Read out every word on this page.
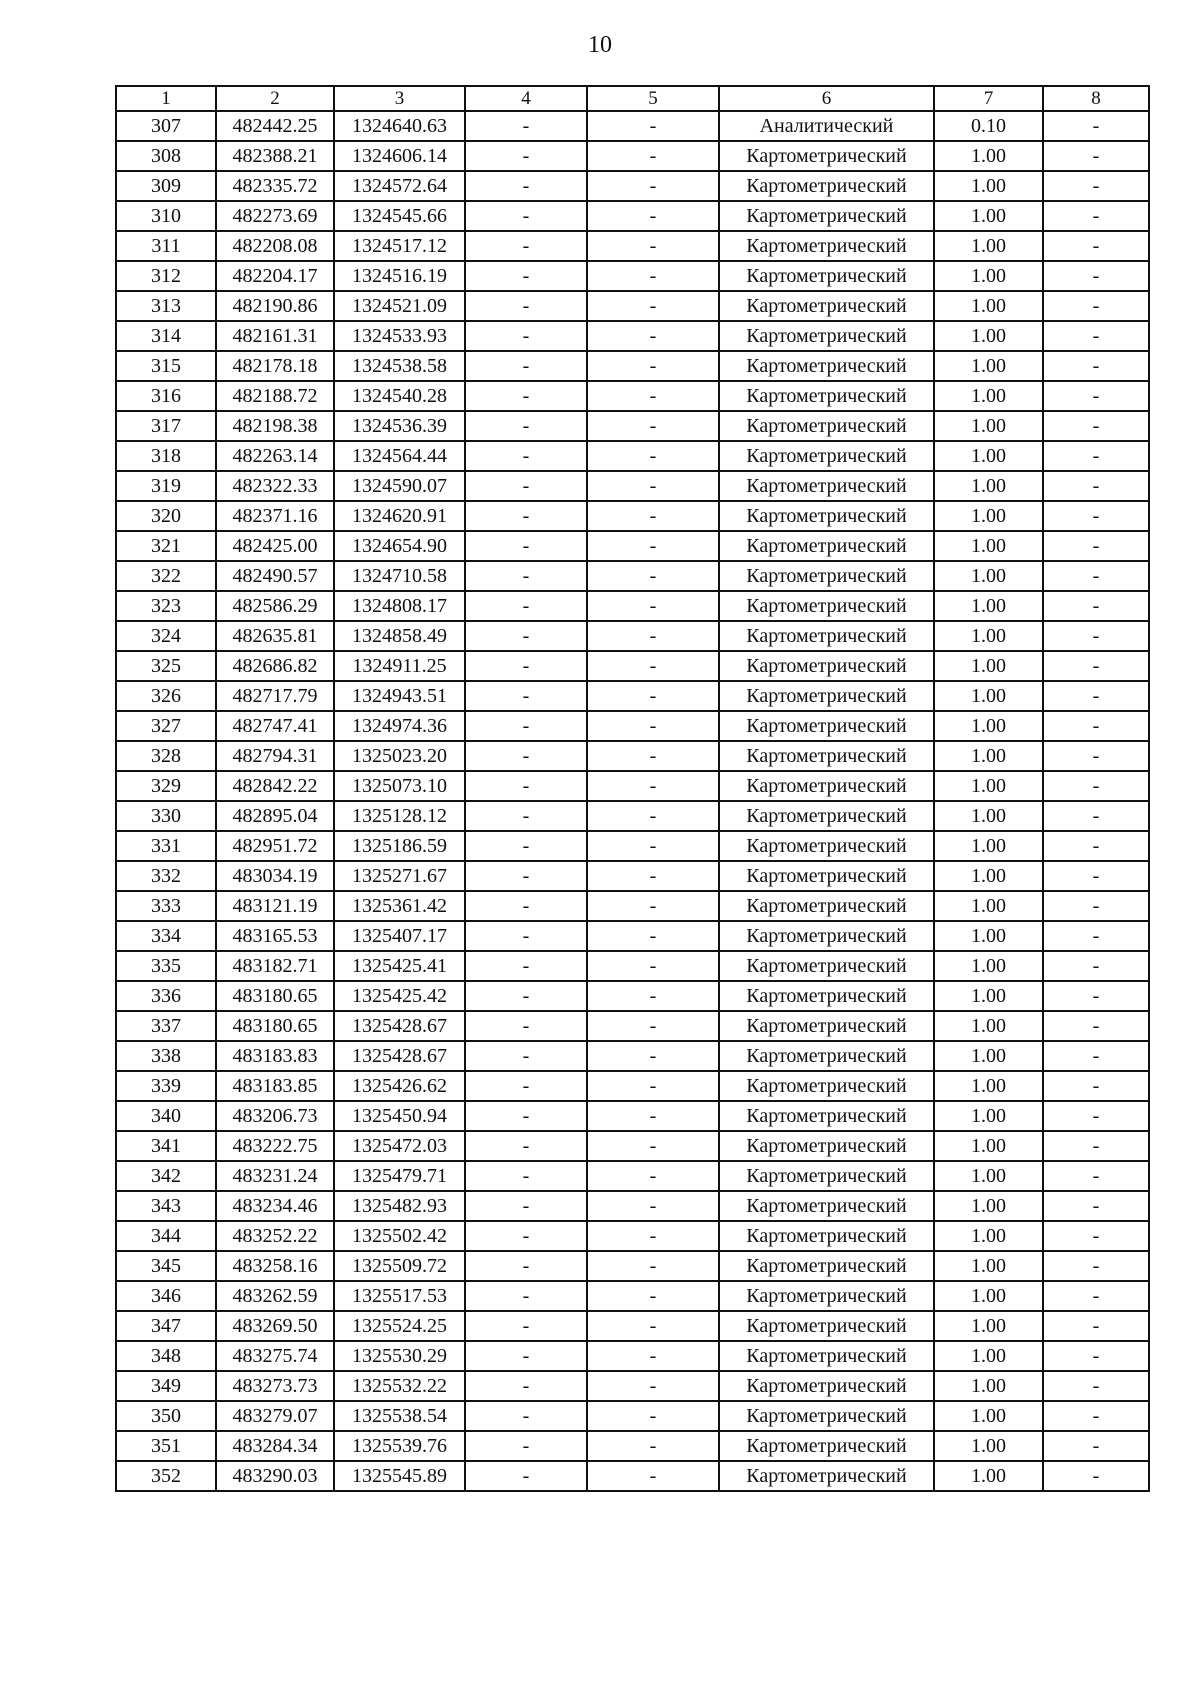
10
1	2	3	4	5	6	7	8
307	482442.25	1324640.63	-	-	Аналитический	0.10	-
308	482388.21	1324606.14	-	-	Картометрический	1.00	-
309	482335.72	1324572.64	-	-	Картометрический	1.00	-
310	482273.69	1324545.66	-	-	Картометрический	1.00	-
311	482208.08	1324517.12	-	-	Картометрический	1.00	-
312	482204.17	1324516.19	-	-	Картометрический	1.00	-
313	482190.86	1324521.09	-	-	Картометрический	1.00	-
314	482161.31	1324533.93	-	-	Картометрический	1.00	-
315	482178.18	1324538.58	-	-	Картометрический	1.00	-
316	482188.72	1324540.28	-	-	Картометрический	1.00	-
317	482198.38	1324536.39	-	-	Картометрический	1.00	-
318	482263.14	1324564.44	-	-	Картометрический	1.00	-
319	482322.33	1324590.07	-	-	Картометрический	1.00	-
320	482371.16	1324620.91	-	-	Картометрический	1.00	-
321	482425.00	1324654.90	-	-	Картометрический	1.00	-
322	482490.57	1324710.58	-	-	Картометрический	1.00	-
323	482586.29	1324808.17	-	-	Картометрический	1.00	-
324	482635.81	1324858.49	-	-	Картометрический	1.00	-
325	482686.82	1324911.25	-	-	Картометрический	1.00	-
326	482717.79	1324943.51	-	-	Картометрический	1.00	-
327	482747.41	1324974.36	-	-	Картометрический	1.00	-
328	482794.31	1325023.20	-	-	Картометрический	1.00	-
329	482842.22	1325073.10	-	-	Картометрический	1.00	-
330	482895.04	1325128.12	-	-	Картометрический	1.00	-
331	482951.72	1325186.59	-	-	Картометрический	1.00	-
332	483034.19	1325271.67	-	-	Картометрический	1.00	-
333	483121.19	1325361.42	-	-	Картометрический	1.00	-
334	483165.53	1325407.17	-	-	Картометрический	1.00	-
335	483182.71	1325425.41	-	-	Картометрический	1.00	-
336	483180.65	1325425.42	-	-	Картометрический	1.00	-
337	483180.65	1325428.67	-	-	Картометрический	1.00	-
338	483183.83	1325428.67	-	-	Картометрический	1.00	-
339	483183.85	1325426.62	-	-	Картометрический	1.00	-
340	483206.73	1325450.94	-	-	Картометрический	1.00	-
341	483222.75	1325472.03	-	-	Картометрический	1.00	-
342	483231.24	1325479.71	-	-	Картометрический	1.00	-
343	483234.46	1325482.93	-	-	Картометрический	1.00	-
344	483252.22	1325502.42	-	-	Картометрический	1.00	-
345	483258.16	1325509.72	-	-	Картометрический	1.00	-
346	483262.59	1325517.53	-	-	Картометрический	1.00	-
347	483269.50	1325524.25	-	-	Картометрический	1.00	-
348	483275.74	1325530.29	-	-	Картометрический	1.00	-
349	483273.73	1325532.22	-	-	Картометрический	1.00	-
350	483279.07	1325538.54	-	-	Картометрический	1.00	-
351	483284.34	1325539.76	-	-	Картометрический	1.00	-
352	483290.03	1325545.89	-	-	Картометрический	1.00	-
